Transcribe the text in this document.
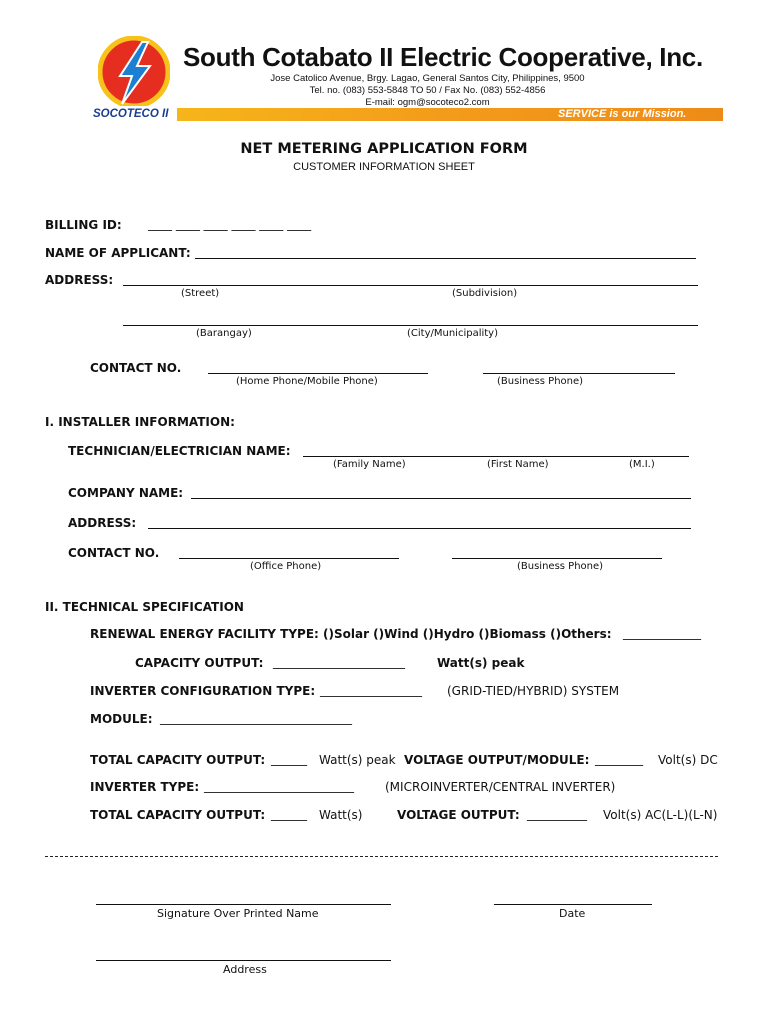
South Cotabato II Electric Cooperative, Inc.
Jose Catolico Avenue, Brgy. Lagao, General Santos City, Philippines, 9500
Tel. no. (083) 553-5848 TO 50 / Fax No. (083) 552-4856
E-mail: ogm@socoteco2.com
SOCOTECO II	SERVICE is our Mission.
NET METERING APPLICATION FORM
CUSTOMER INFORMATION SHEET
BILLING ID: ____ ____ ____ ____ ____ ____
NAME OF APPLICANT:
ADDRESS:
(Street)	(Subdivision)
(Barangay)	(City/Municipality)
CONTACT NO.
(Home Phone/Mobile Phone)	(Business Phone)
I. INSTALLER INFORMATION:
TECHNICIAN/ELECTRICIAN NAME:
(Family Name)	(First Name)	(M.I.)
COMPANY NAME:
ADDRESS:
CONTACT NO.
(Office Phone)	(Business Phone)
II. TECHNICAL SPECIFICATION
RENEWAL ENERGY FACILITY TYPE: ()Solar ()Wind ()Hydro ()Biomass ()Others: _____________
CAPACITY OUTPUT: ______________________	Watt(s) peak
INVERTER CONFIGURATION TYPE: _________________ (GRID-TIED/HYBRID) SYSTEM
MODULE: ________________________________
TOTAL CAPACITY OUTPUT: ______ Watt(s) peak VOLTAGE OUTPUT/MODULE: ________ Volt(s) DC
INVERTER TYPE: _________________________	(MICROINVERTER/CENTRAL INVERTER)
TOTAL CAPACITY OUTPUT: ______ Watt(s)	VOLTAGE OUTPUT: __________ Volt(s) AC(L-L)(L-N)
Signature Over Printed Name	Date
Address
